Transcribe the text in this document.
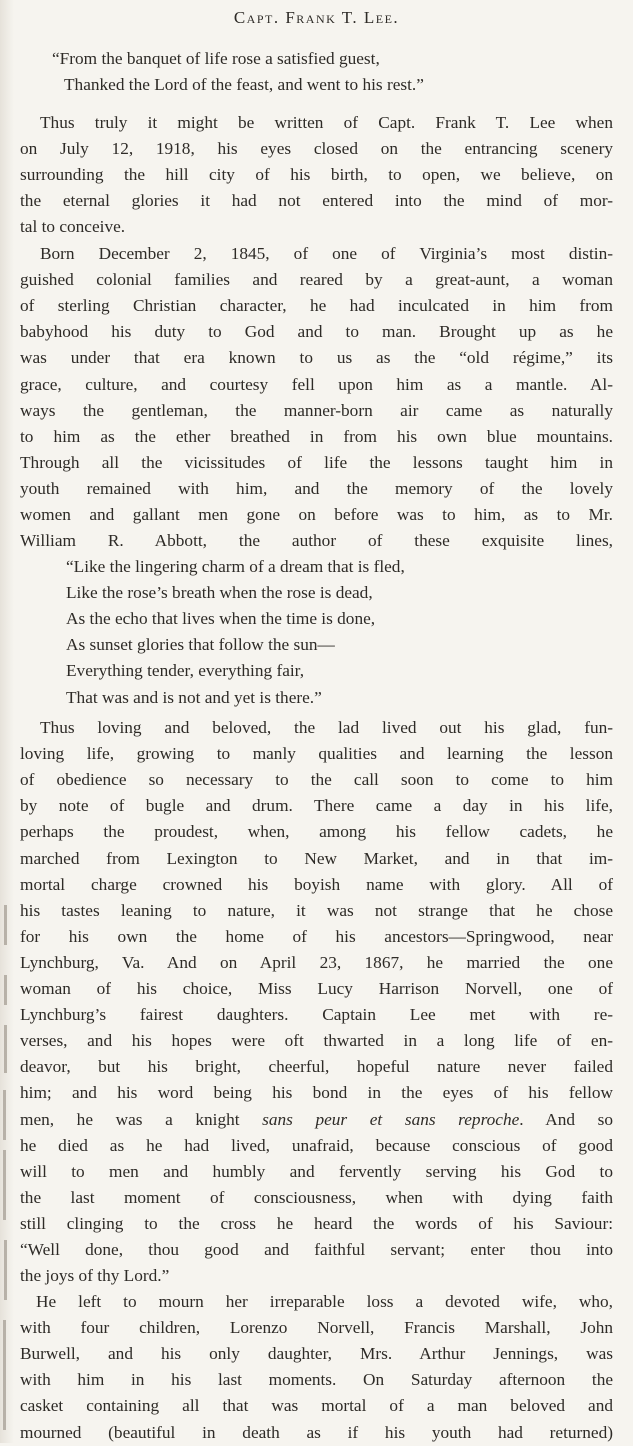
Capt. Frank T. Lee.
“From the banquet of life rose a satisfied guest,
Thanked the Lord of the feast, and went to his rest.”
Thus truly it might be written of Capt. Frank T. Lee when
on July 12, 1918, his eyes closed on the entrancing scenery
surrounding the hill city of his birth, to open, we believe, on
the eternal glories it had not entered into the mind of mor-
tal to conceive.
Born December 2, 1845, of one of Virginia’s most distin-
guished colonial families and reared by a great-aunt, a woman
of sterling Christian character, he had inculcated in him from
babyhood his duty to God and to man. Brought up as he
was under that era known to us as the “old régime,” its
grace, culture, and courtesy fell upon him as a mantle. Al-
ways the gentleman, the manner-born air came as naturally
to him as the ether breathed in from his own blue mountains.
Through all the vicissitudes of life the lessons taught him in
youth remained with him, and the memory of the lovely
women and gallant men gone on before was to him, as to Mr.
William R. Abbott, the author of these exquisite lines,
“Like the lingering charm of a dream that is fled,
Like the rose’s breath when the rose is dead,
As the echo that lives when the time is done,
As sunset glories that follow the sun—
Everything tender, everything fair,
That was and is not and yet is there.”
Thus loving and beloved, the lad lived out his glad, fun-
loving life, growing to manly qualities and learning the lesson
of obedience so necessary to the call soon to come to him
by note of bugle and drum. There came a day in his life,
perhaps the proudest, when, among his fellow cadets, he
marched from Lexington to New Market, and in that im-
mortal charge crowned his boyish name with glory. All of
his tastes leaning to nature, it was not strange that he chose
for his own the home of his ancestors—Springwood, near
Lynchburg, Va. And on April 23, 1867, he married the one
woman of his choice, Miss Lucy Harrison Norvell, one of
Lynchburg’s fairest daughters. Captain Lee met with re-
verses, and his hopes were oft thwarted in a long life of en-
deavor, but his bright, cheerful, hopeful nature never failed
him; and his word being his bond in the eyes of his fellow
men, he was a knight sans peur et sans reproche. And so
he died as he had lived, unafraid, because conscious of good
will to men and humbly and fervently serving his God to
the last moment of consciousness, when with dying faith
still clinging to the cross he heard the words of his Saviour:
“Well done, thou good and faithful servant; enter thou into
the joys of thy Lord.”
He left to mourn her irreparable loss a devoted wife, who,
with four children, Lorenzo Norvell, Francis Marshall, John
Burwell, and his only daughter, Mrs. Arthur Jennings, was
with him in his last moments. On Saturday afternoon the
casket containing all that was mortal of a man beloved and
mourned (beautiful in death as if his youth had returned)
